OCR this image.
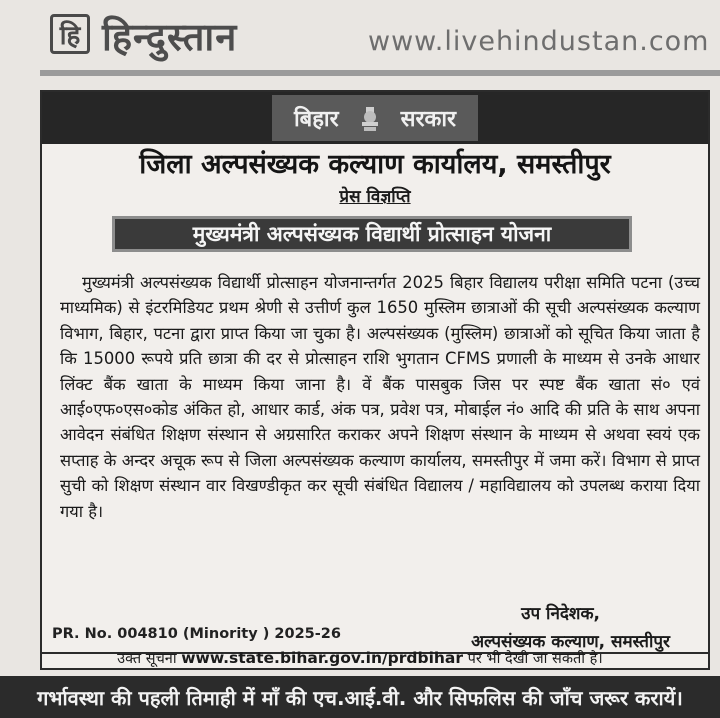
हि हिन्दुस्तान	www.livehindustan.com
बिहार	सरकार
जिला अल्पसंख्यक कल्याण कार्यालय, समस्तीपुर
प्रेस विज्ञप्ति
मुख्यमंत्री अल्पसंख्यक विद्यार्थी प्रोत्साहन योजना

मुख्यमंत्री अल्पसंख्यक विद्यार्थी प्रोत्साहन योजनान्तर्गत 2025 बिहार विद्यालय परीक्षा समिति पटना (उच्च माध्यमिक) से इंटरमिडियट प्रथम श्रेणी से उत्तीर्ण कुल 1650 मुस्लिम छात्राओं की सूची अल्पसंख्यक कल्याण विभाग, बिहार, पटना द्वारा प्राप्त किया जा चुका है। अल्पसंख्यक (मुस्लिम) छात्राओं को सूचित किया जाता है कि 15000 रूपये प्रति छात्रा की दर से प्रोत्साहन राशि भुगतान CFMS प्रणाली के माध्यम से उनके आधार लिंक्ट बैंक खाता के माध्यम किया जाना है। वें बैंक पासबुक जिस पर स्पष्ट बैंक खाता सं० एवं आई०एफ०एस०कोड अंकित हो, आधार कार्ड, अंक पत्र, प्रवेश पत्र, मोबाईल नं० आदि की प्रति के साथ अपना आवेदन संबंधित शिक्षण संस्थान से अग्रसारित कराकर अपने शिक्षण संस्थान के माध्यम से अथवा स्वयं एक सप्ताह के अन्दर अचूक रूप से जिला अल्पसंख्यक कल्याण कार्यालय, समस्तीपुर में जमा करें। विभाग से प्राप्त सुची को शिक्षण संस्थान वार विखण्डीकृत कर सूची संबंधित विद्यालय / महाविद्यालय को उपलब्ध कराया दिया गया है।

उप निदेशक,
अल्पसंख्यक कल्याण, समस्तीपुर
PR. No. 004810 (Minority ) 2025-26
उक्त सूचना www.state.bihar.gov.in/prdbihar पर भी देखी जा सकती है।
गर्भावस्था की पहली तिमाही में माँ की एच.आई.वी. और सिफलिस की जाँच जरूर करायें।
